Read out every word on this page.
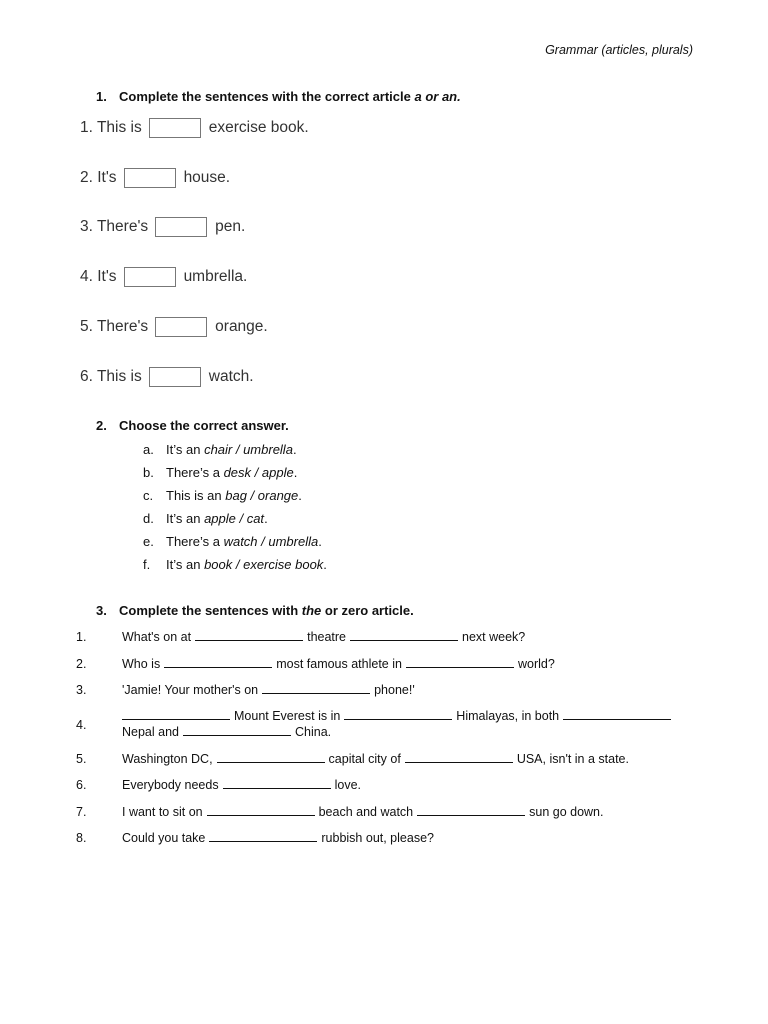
Grammar (articles, plurals)
1. Complete the sentences with the correct article a or an.
1. This is	exercise book.
2. It's	house.
3. There's	pen.
4. It's	umbrella.
5. There's	orange.
6. This is	watch.
2. Choose the correct answer.
a. It’s an chair / umbrella.
b. There’s a desk / apple.
c. This is an bag / orange.
d. It’s an apple / cat.
e. There’s a watch / umbrella.
f. It’s an book / exercise book.
3. Complete the sentences with the or zero article.
1.	What's on at	theatre	next week?
2.	Who is	most famous athlete in	world?
3.	'Jamie! Your mother's on	phone!'
4.
Mount Everest is in	Himalayas, in both
Nepal and	China.
5.	Washington DC,	capital city of	USA, isn't in a state.
6.	Everybody needs	love.
7.	I want to sit on	beach and watch	sun go down.
8.	Could you take	rubbish out, please?
